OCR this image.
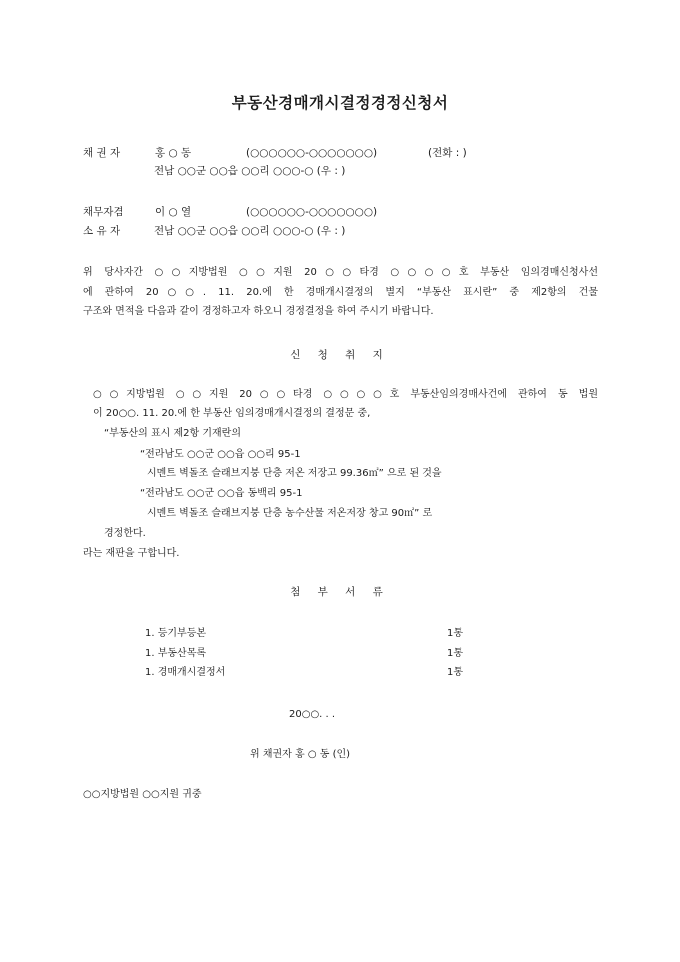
부동산경매개시결정경정신청서
채 권 자	홍 ○ 동	(○○○○○○-○○○○○○○)	(전화 : )
전남 ○○군 ○○읍 ○○리 ○○○-○ (우 : )
채무자겸	이 ○ 열	(○○○○○○-○○○○○○○)
소 유 자	전남 ○○군 ○○읍 ○○리 ○○○-○ (우 : )
위 당사자간 ○○지방법원 ○○지원 20○○타경 ○○○○호 부동산 임의경매신청사선
에 관하여 20○○. 11. 20.에 한 경매개시결정의 별지 “부동산 표시란” 중 제2항의 건물
구조와 면적을 다음과 같이 경정하고자 하오니 경정결정을 하여 주시기 바랍니다.
신 청 취 지
○○지방법원 ○○지원 20○○타경 ○○○○호 부동산임의경매사건에 관하여 동 법원
이 20○○. 11. 20.에 한 부동산 임의경매개시결정의 결정문 중,
“부동산의 표시 제2항 기재란의
“전라남도 ○○군 ○○읍 ○○리 95-1
시멘트 벽돌조 슬래브지붕 단층 저온 저장고 99.36㎡” 으로 된 것을
“전라남도 ○○군 ○○읍 동백리 95-1
시멘트 벽돌조 슬래브지붕 단층 농수산물 저온저장 창고 90㎡” 로
경정한다.
라는 재판을 구합니다.
첨 부 서 류
1. 등기부등본	1통
1. 부동산목록	1통
1. 경매개시결정서	1통
20○○. . .
위 채권자 홍 ○ 동 (인)
○○지방법원 ○○지원 귀중
